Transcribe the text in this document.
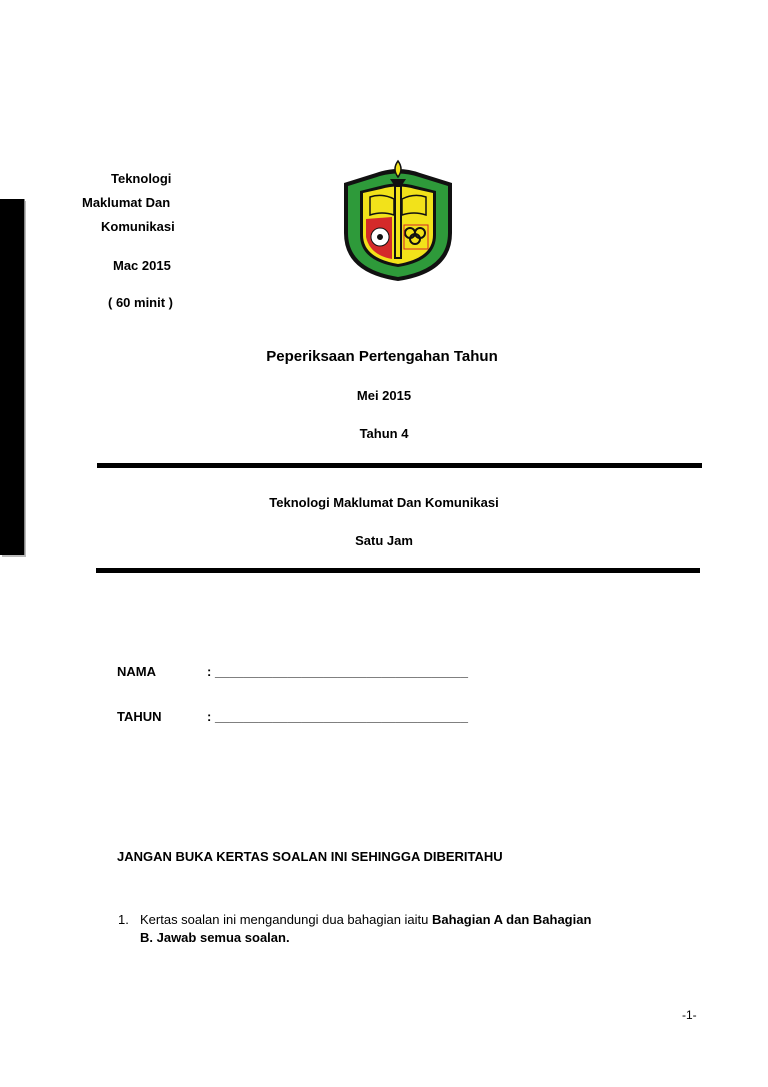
Teknologi
Maklumat Dan
Komunikasi
Mac 2015
( 60 minit )
Peperiksaan Pertengahan Tahun
Mei 2015
Tahun 4
Teknologi Maklumat Dan Komunikasi
Satu Jam
NAMA	: ___________________________________
TAHUN	: ___________________________________
JANGAN BUKA KERTAS SOALAN INI SEHINGGA DIBERITAHU
1. Kertas soalan ini mengandungi dua bahagian iaitu Bahagian A dan Bahagian
B. Jawab semua soalan.
-1-
